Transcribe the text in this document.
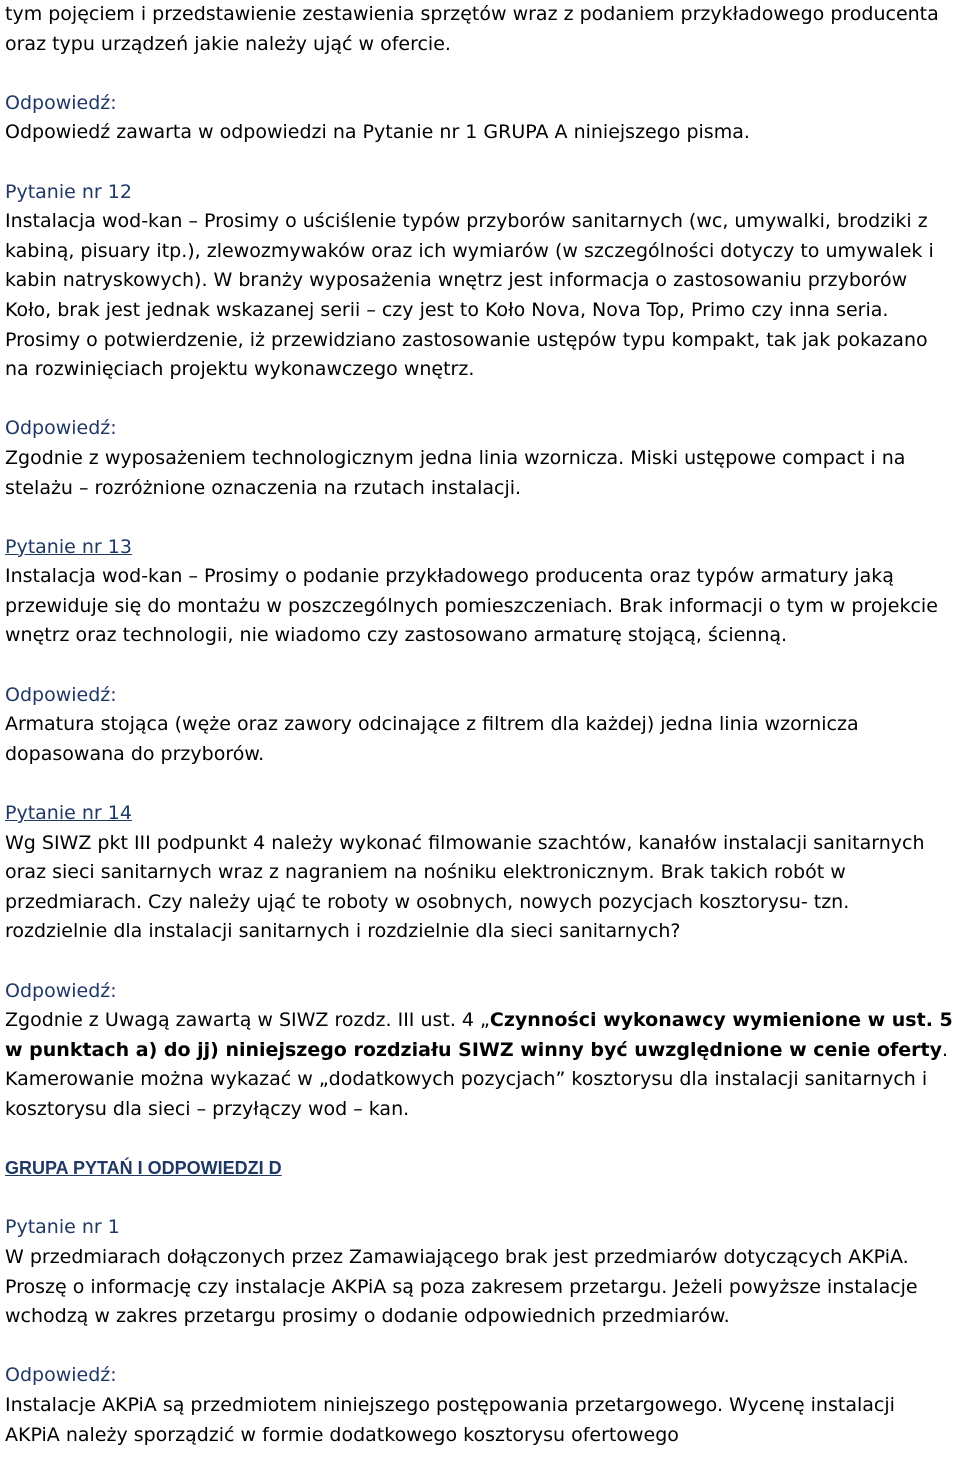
tym pojęciem i przedstawienie zestawienia sprzętów wraz z podaniem przykładowego producenta oraz typu urządzeń jakie należy ująć w ofercie.

Odpowiedź:

Odpowiedź zawarta w odpowiedzi na Pytanie nr 1 GRUPA A niniejszego pisma.

Pytanie nr 12

Instalacja wod-kan – Prosimy o uściślenie typów przyborów sanitarnych (wc, umywalki, brodziki z kabiną, pisuary itp.), zlewozmywaków oraz ich wymiarów (w szczególności dotyczy to umywalek i kabin natryskowych). W branży wyposażenia wnętrz jest informacja o zastosowaniu przyborów Koło, brak jest jednak wskazanej serii – czy jest to Koło Nova, Nova Top, Primo czy inna seria. Prosimy o potwierdzenie, iż przewidziano zastosowanie ustępów typu kompakt, tak jak pokazano na rozwinięciach projektu wykonawczego wnętrz.

Odpowiedź:

Zgodnie z wyposażeniem technologicznym jedna linia wzornicza. Miski ustępowe compact i na stelażu – rozróżnione oznaczenia na rzutach instalacji.

Pytanie nr 13

Instalacja wod-kan – Prosimy o podanie przykładowego producenta oraz typów armatury jaką przewiduje się do montażu w poszczególnych pomieszczeniach. Brak informacji o tym w projekcie wnętrz oraz technologii, nie wiadomo czy zastosowano armaturę stojącą, ścienną.

Odpowiedź:

Armatura stojąca (węże oraz zawory odcinające z filtrem dla każdej) jedna linia wzornicza dopasowana do przyborów.

Pytanie nr 14

Wg SIWZ pkt III podpunkt 4 należy wykonać filmowanie szachtów, kanałów instalacji sanitarnych oraz sieci sanitarnych wraz z nagraniem na nośniku elektronicznym. Brak takich robót w przedmiarach. Czy należy ująć te roboty w osobnych, nowych pozycjach kosztorysu- tzn. rozdzielnie dla instalacji sanitarnych i rozdzielnie dla sieci sanitarnych?

Odpowiedź:

Zgodnie z Uwagą zawartą w SIWZ rozdz. III ust. 4 „Czynności wykonawcy wymienione w ust. 5 w punktach a) do jj) niniejszego rozdziału SIWZ winny być uwzględnione w cenie oferty. Kamerowanie można wykazać w „dodatkowych pozycjach” kosztorysu dla instalacji sanitarnych i kosztorysu dla sieci – przyłączy wod – kan.

GRUPA PYTAŃ I ODPOWIEDZI D

Pytanie nr 1

W przedmiarach dołączonych przez Zamawiającego brak jest przedmiarów dotyczących AKPiA. Proszę o informację czy instalacje AKPiA są poza zakresem przetargu. Jeżeli powyższe instalacje wchodzą w zakres przetargu prosimy o dodanie odpowiednich przedmiarów.

Odpowiedź:

Instalacje AKPiA są przedmiotem niniejszego postępowania przetargowego. Wycenę instalacji AKPiA należy sporządzić w formie dodatkowego kosztorysu ofertowego
